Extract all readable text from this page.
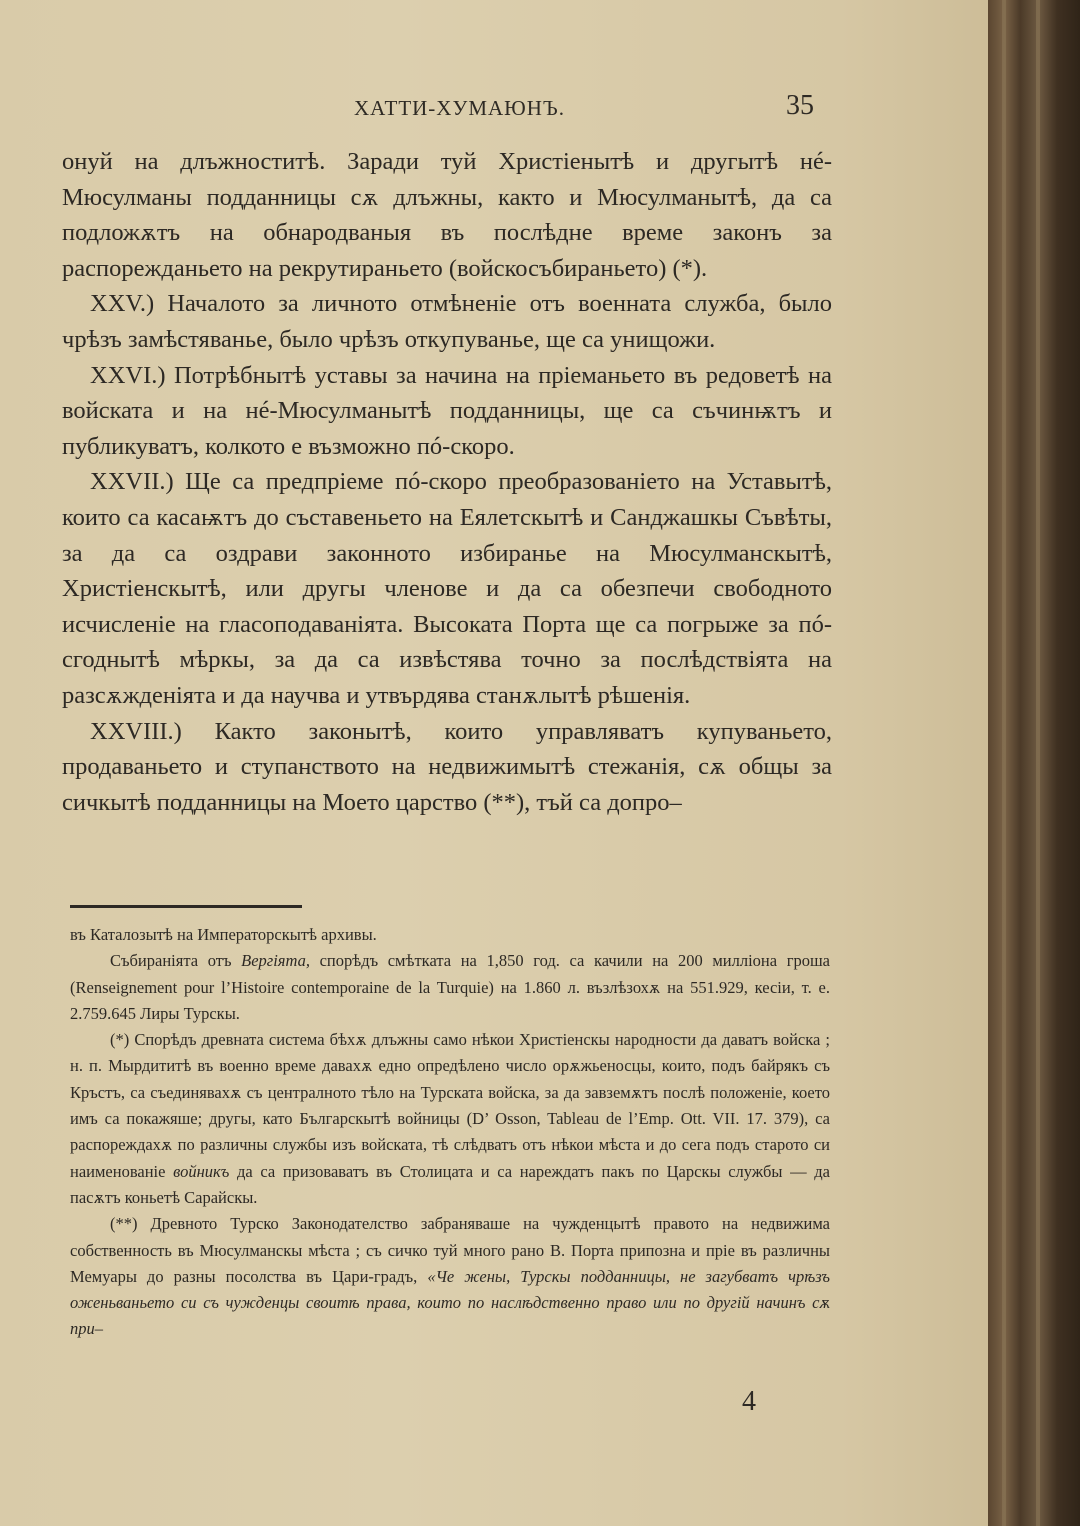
ХАТТИ-ХУМАЮНЪ.	35

онуй на длъжноститѣ. Заради туй Христіенытѣ и другытѣ нé-Мюсулманы подданницы сѫ длъжны, както и Мюсулманытѣ, да са подложѫтъ на обнародваныя въ послѣдне време законъ за распорежданьето на рекрутираньето (войскосъбираньето) (*).

XXV.) Началото за личното отмѣненіе отъ военната служба, было чрѣзъ замѣстяванье, было чрѣзъ откупуванье, ще са унищожи.

XXVI.) Потрѣбнытѣ уставы за начина на пріеманьето въ редоветѣ на войската и на нé-Мюсулманытѣ подданницы, ще са съчинѭтъ и публикуватъ, колкото е възможно пó-скоро.

XXVII.) Ще са предпріеме пó-скоро преобразованіето на Уставытѣ, които са касаѭтъ до съставеньето на Еялетскытѣ и Санджашкы Съвѣты, за да са оздрави законното избиранье на Мюсулманскытѣ, Христіенскытѣ, или другы членове и да са обезпечи свободното исчисленіе на гласоподаваніята. Высоката Порта ще са погрыже за пó-сгоднытѣ мѣркы, за да са извѣстява точно за послѣдствіята на разсѫжденіята и да научва и утвърдява станѫлытѣ рѣшенія.

XXVIII.) Както законытѣ, които управляватъ купуваньето, продаваньето и ступанството на недвижимытѣ стежанія, сѫ общы за сичкытѣ подданницы на Моето царство (**), тъй са допро–

въ Каталозытѣ на Императорскытѣ архивы.

Събираніята отъ Вергіята, спорѣдъ смѣтката на 1,850 год. са качили на 200 милліона гроша (Renseignement pour l’Histoire contemporaine de la Turquie) на 1.860 л. възлѣзохѫ на 551.929, кесіи, т. е. 2.759.645 Лиры Турскы.

(*) Спорѣдъ древната система бѣхѫ длъжны само нѣкои Христіенскы народности да даватъ войска ; н. п. Мырдититѣ въ военно време давахѫ едно опредѣлено число орѫжьеносцы, които, подъ байрякъ съ Кръстъ, са съединявахѫ съ централното тѣло на Турската войска, за да завземѫтъ послѣ положеніе, което имъ са покажяше; другы, като Българскытѣ войницы (D’ Osson, Tableau de l’Emp. Ott. VII. 17. 379), са распореждахѫ по различны службы изъ войската, тѣ слѣдватъ отъ нѣкои мѣста и до сега подъ старото си наименованіе войникъ да са призоваватъ въ Столицата и са нареждатъ пакъ по Царскы службы — да пасѫтъ коньетѣ Сарайскы.

(**) Древното Турско Законодателство забраняваше на чужденцытѣ правото на недвижима собственность въ Мюсулманскы мѣста ; съ сичко туй много рано В. Порта припозна и пріе въ различны Мемуары до разны посолства въ Цари-градъ, «Че жены, Турскы подданницы, не загубватъ чрѣзъ оженьваньето си съ чужденцы своитѣ права, които по наслѣдственно право или по другій начинъ сѫ при–

4
